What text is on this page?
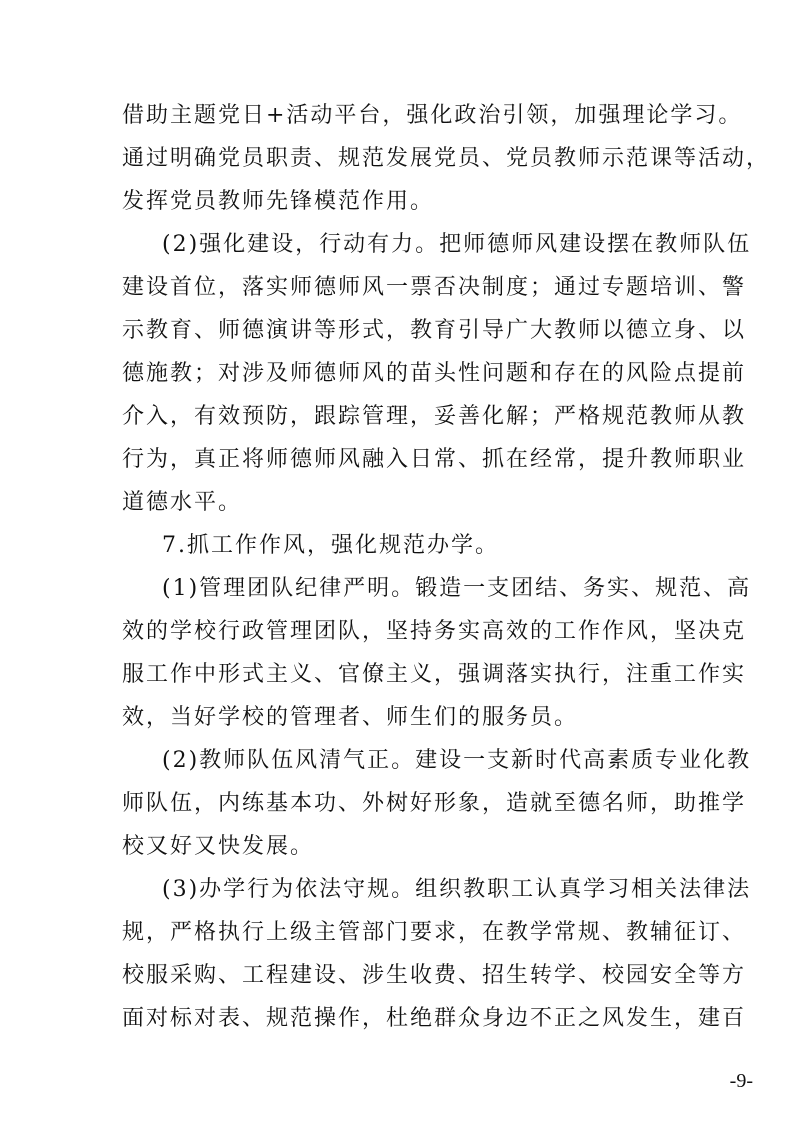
借助主题党日+活动平台，强化政治引领，加强理论学习。
通过明确党员职责、规范发展党员、党员教师示范课等活动，
发挥党员教师先锋模范作用。
(2)强化建设，行动有力。把师德师风建设摆在教师队伍
建设首位，落实师德师风一票否决制度；通过专题培训、警
示教育、师德演讲等形式，教育引导广大教师以德立身、以
德施教；对涉及师德师风的苗头性问题和存在的风险点提前
介入，有效预防，跟踪管理，妥善化解；严格规范教师从教
行为，真正将师德师风融入日常、抓在经常，提升教师职业
道德水平。
7.抓工作作风，强化规范办学。
(1)管理团队纪律严明。锻造一支团结、务实、规范、高
效的学校行政管理团队，坚持务实高效的工作作风，坚决克
服工作中形式主义、官僚主义，强调落实执行，注重工作实
效，当好学校的管理者、师生们的服务员。
(2)教师队伍风清气正。建设一支新时代高素质专业化教
师队伍，内练基本功、外树好形象，造就至德名师，助推学
校又好又快发展。
(3)办学行为依法守规。组织教职工认真学习相关法律法
规，严格执行上级主管部门要求，在教学常规、教辅征订、
校服采购、工程建设、涉生收费、招生转学、校园安全等方
面对标对表、规范操作，杜绝群众身边不正之风发生，建百
-9-
